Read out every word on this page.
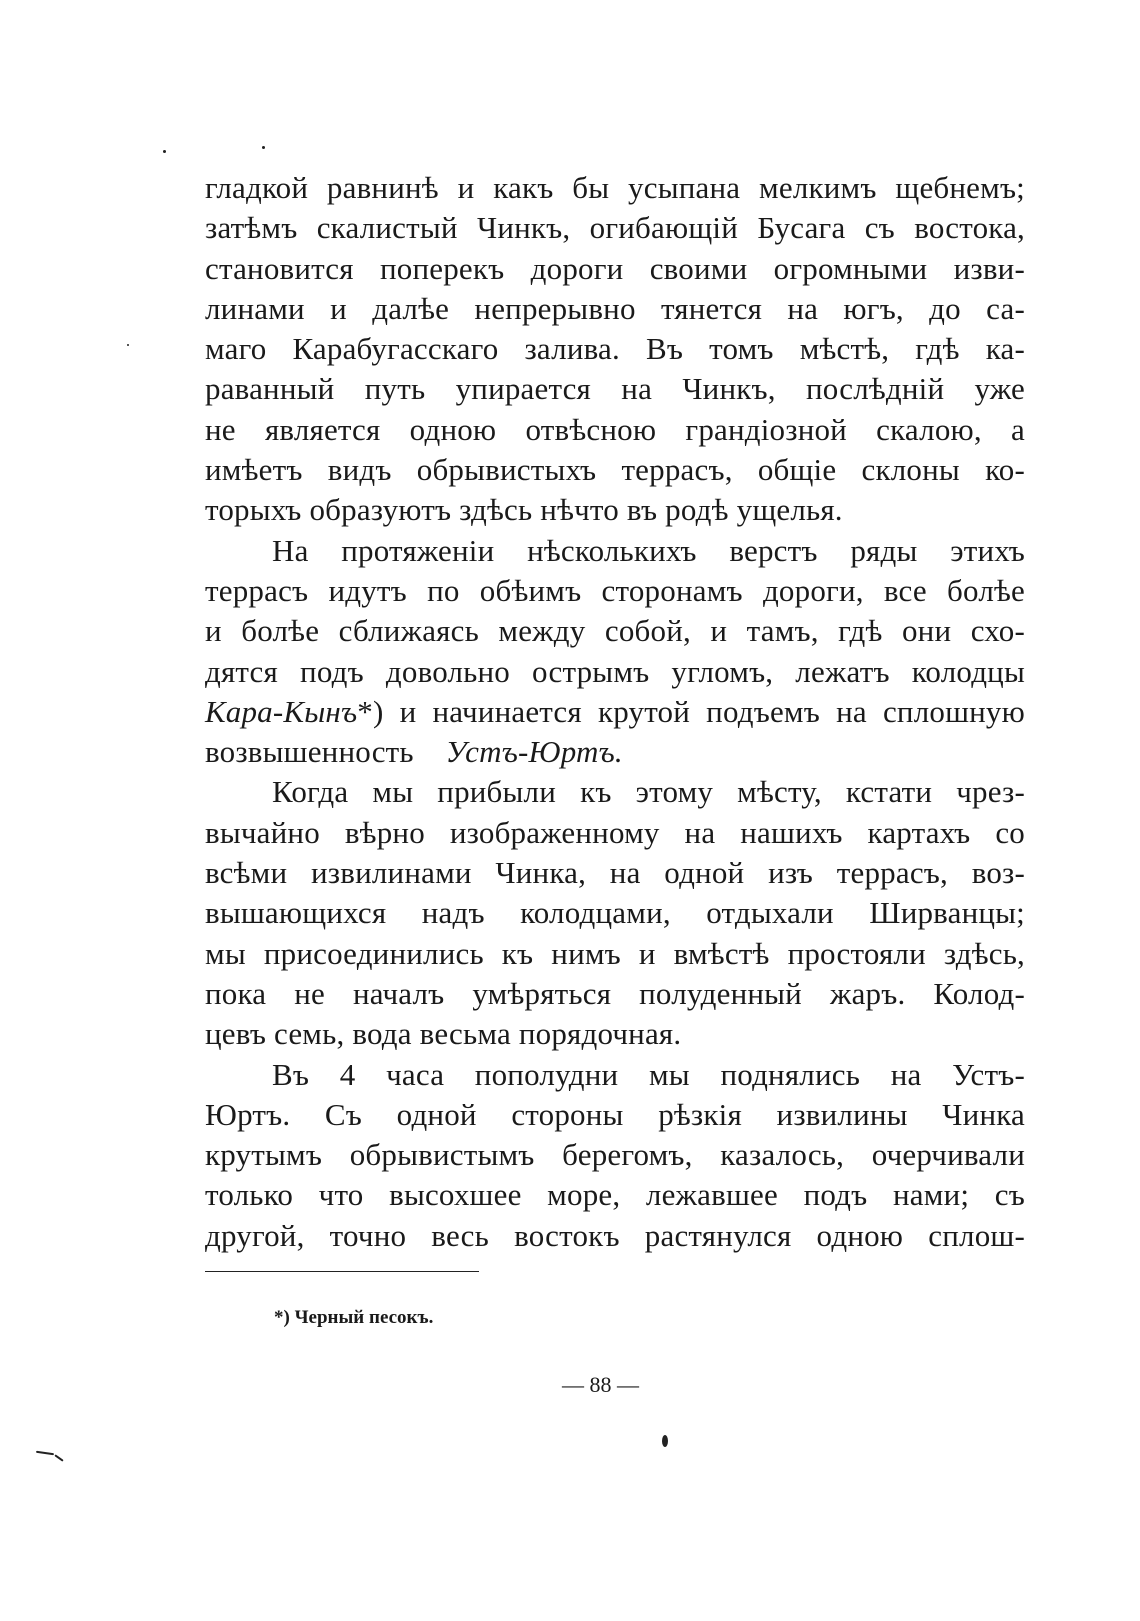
гладкой равнинѣ и какъ бы усыпана мелкимъ щебнемъ;
затѣмъ скалистый Чинкъ, огибающій Бусага съ востока,
становится поперекъ дороги своими огромными изви-
линами и далѣе непрерывно тянется на югъ, до са-
маго Карабугасскаго залива. Въ томъ мѣстѣ, гдѣ ка-
раванный путь упирается на Чинкъ, послѣдній уже
не является одною отвѣсною грандіозной скалою, а
имѣетъ видъ обрывистыхъ террасъ, общіе склоны ко-
торыхъ образуютъ здѣсь нѣчто въ родѣ ущелья.
На протяженіи нѣсколькихъ верстъ ряды этихъ
террасъ идутъ по обѣимъ сторонамъ дороги, все болѣе
и болѣе сближаясь между собой, и тамъ, гдѣ они схо-
дятся подъ довольно острымъ угломъ, лежатъ колодцы
Кара-Кынъ*) и начинается крутой подъемъ на сплошную
возвышенность Устъ-Юртъ.
Когда мы прибыли къ этому мѣсту, кстати чрез-
вычайно вѣрно изображенному на нашихъ картахъ со
всѣми извилинами Чинка, на одной изъ террасъ, воз-
вышающихся надъ колодцами, отдыхали Ширванцы;
мы присоединились къ нимъ и вмѣстѣ простояли здѣсь,
пока не началъ умѣряться полуденный жаръ. Колод-
цевъ семь, вода весьма порядочная.
Въ 4 часа пополудни мы поднялись на Устъ-
Юртъ. Съ одной стороны рѣзкія извилины Чинка
крутымъ обрывистымъ берегомъ, казалось, очерчивали
только что высохшее море, лежавшее подъ нами; съ
другой, точно весь востокъ растянулся одною сплош-
*) Черный песокъ.
— 88 —
